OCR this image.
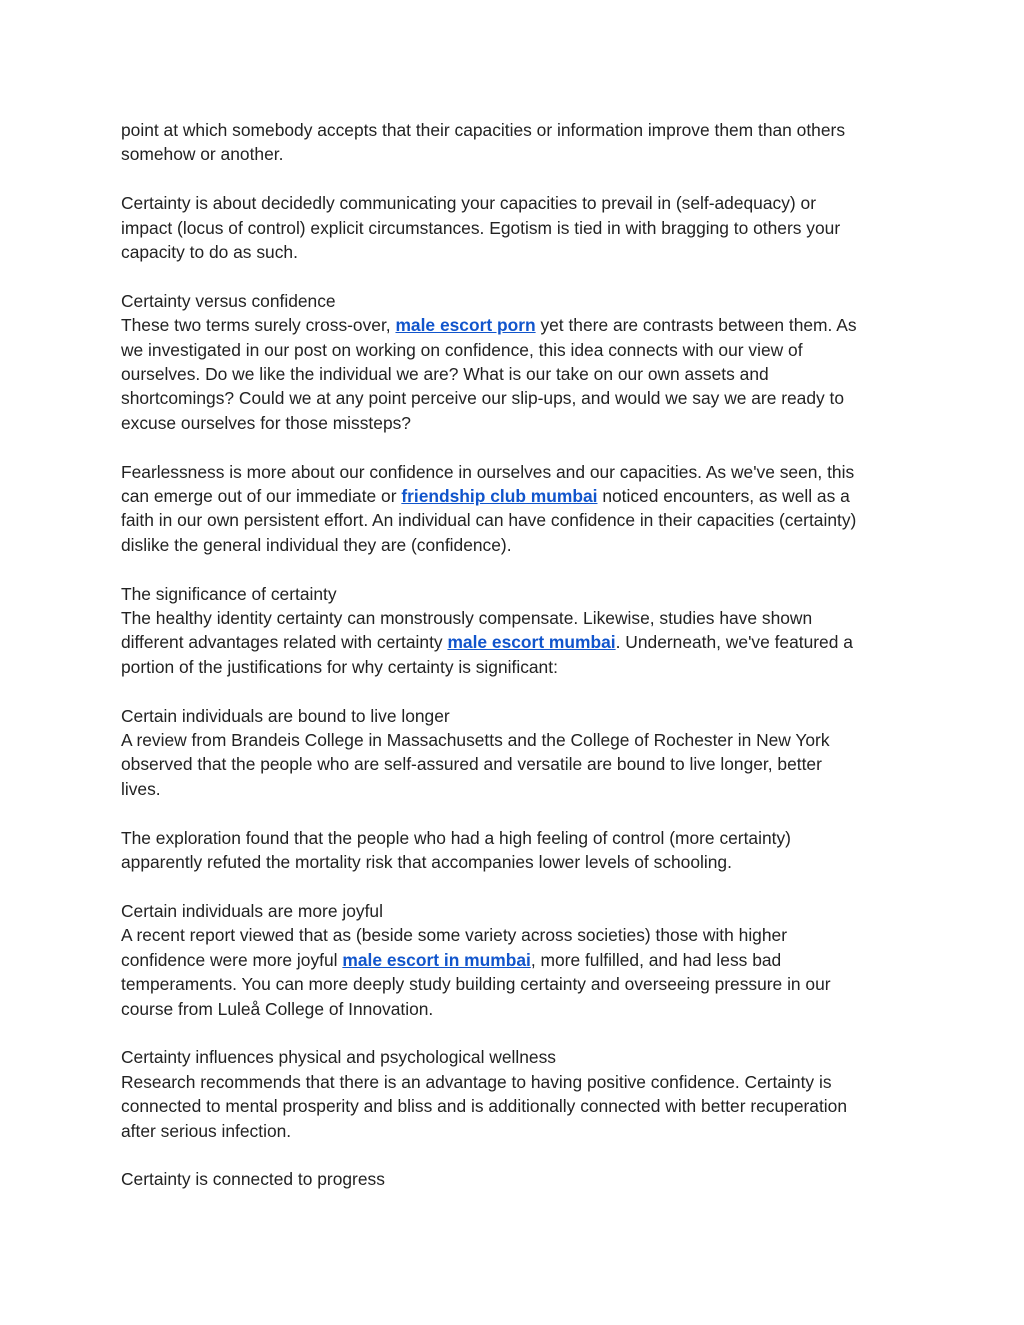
point at which somebody accepts that their capacities or information improve them than others
somehow or another.

Certainty is about decidedly communicating your capacities to prevail in (self-adequacy) or
impact (locus of control) explicit circumstances. Egotism is tied in with bragging to others your
capacity to do as such.

Certainty versus confidence
These two terms surely cross-over, male escort porn yet there are contrasts between them. As
we investigated in our post on working on confidence, this idea connects with our view of
ourselves. Do we like the individual we are? What is our take on our own assets and
shortcomings? Could we at any point perceive our slip-ups, and would we say we are ready to
excuse ourselves for those missteps?

Fearlessness is more about our confidence in ourselves and our capacities. As we've seen, this
can emerge out of our immediate or friendship club mumbai noticed encounters, as well as a
faith in our own persistent effort. An individual can have confidence in their capacities (certainty)
dislike the general individual they are (confidence).

The significance of certainty
The healthy identity certainty can monstrously compensate. Likewise, studies have shown
different advantages related with certainty male escort mumbai. Underneath, we've featured a
portion of the justifications for why certainty is significant:

Certain individuals are bound to live longer
A review from Brandeis College in Massachusetts and the College of Rochester in New York
observed that the people who are self-assured and versatile are bound to live longer, better
lives.

The exploration found that the people who had a high feeling of control (more certainty)
apparently refuted the mortality risk that accompanies lower levels of schooling.

Certain individuals are more joyful
A recent report viewed that as (beside some variety across societies) those with higher
confidence were more joyful male escort in mumbai, more fulfilled, and had less bad
temperaments. You can more deeply study building certainty and overseeing pressure in our
course from Luleå College of Innovation.

Certainty influences physical and psychological wellness
Research recommends that there is an advantage to having positive confidence. Certainty is
connected to mental prosperity and bliss and is additionally connected with better recuperation
after serious infection.

Certainty is connected to progress
